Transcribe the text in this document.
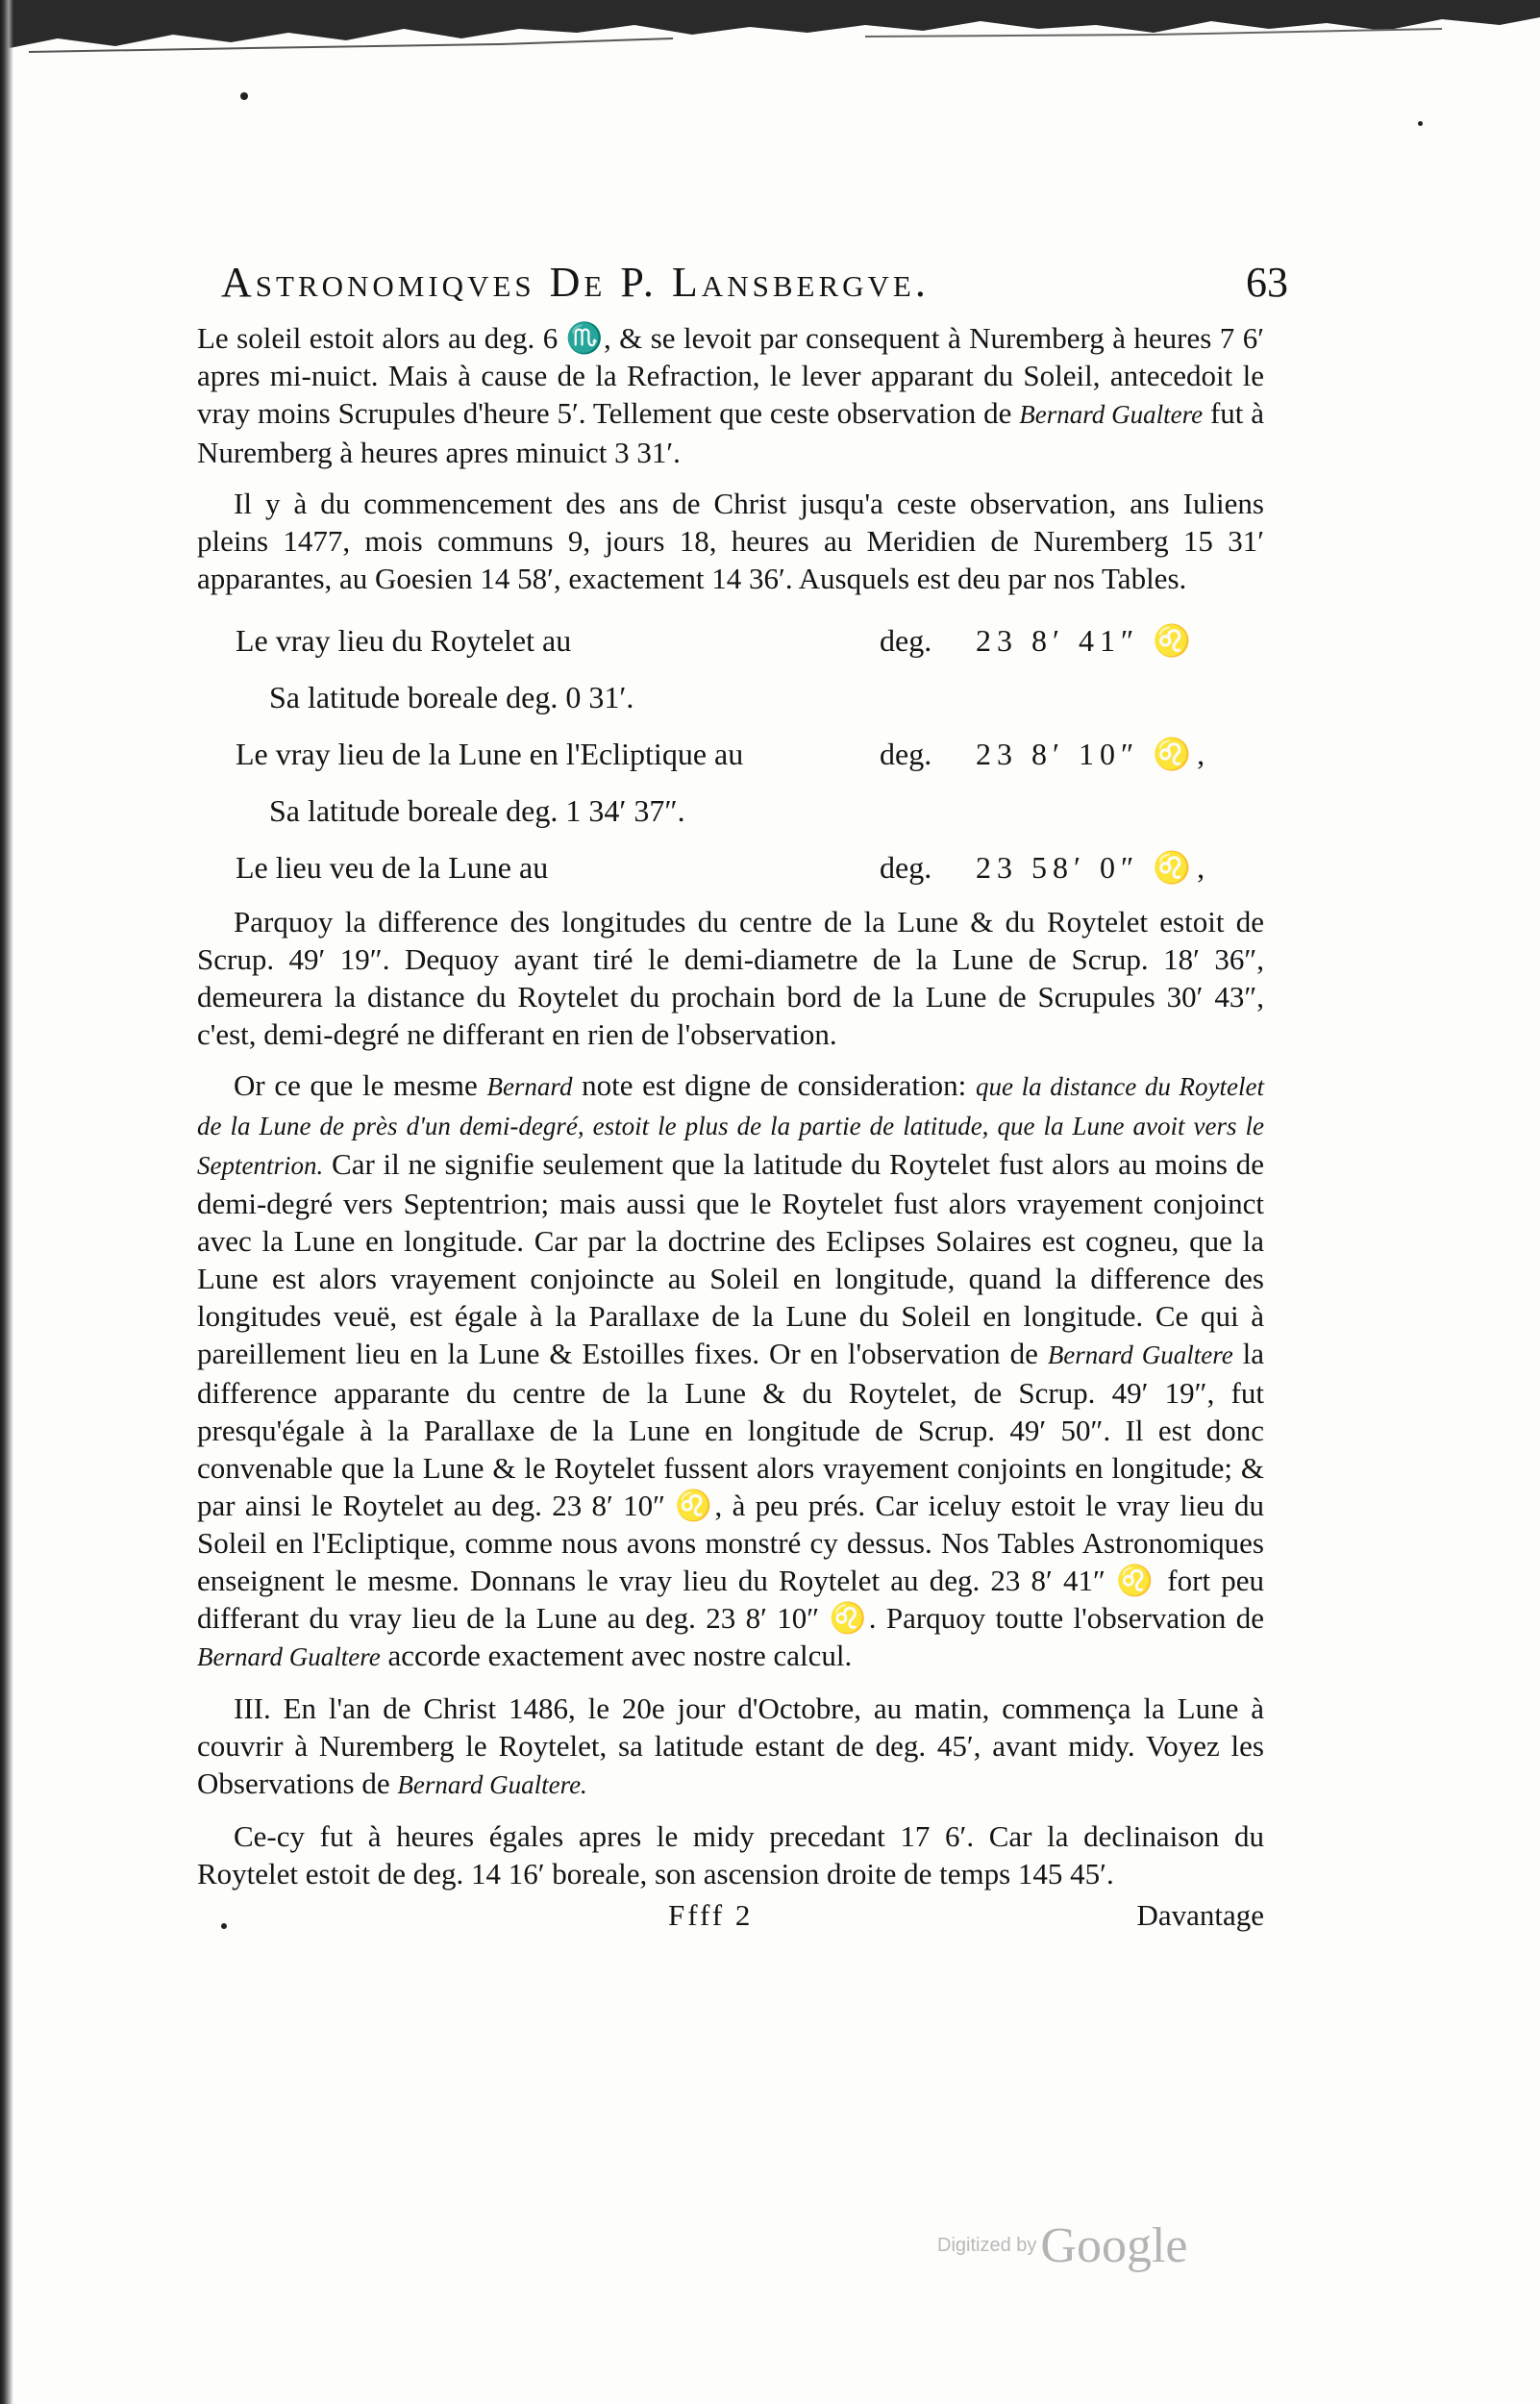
Astronomiqves De P. Lansbergve.	63

Le soleil estoit alors au deg. 6 ♏, & se levoit par consequent à Nuremberg à heures 7 6′ apres mi-nuict. Mais à cause de la Refraction, le lever apparant du Soleil, antecedoit le vray moins Scrupules d'heure 5′. Tellement que ceste observation de Bernard Gualtere fut à Nuremberg à heures apres minuict 3 31′.

Il y à du commencement des ans de Christ jusqu'a ceste observation, ans Iuliens pleins 1477, mois communs 9, jours 18, heures au Meridien de Nuremberg 15 31′ apparantes, au Goesien 14 58′, exactement 14 36′. Ausquels est deu par nos Tables.

Le vray lieu du Roytelet au	deg. 23 8′ 41″ ♌
Sa latitude boreale deg. 0 31′.
Le vray lieu de la Lune en l'Ecliptique au	deg. 23 8′ 10″ ♌,
Sa latitude boreale deg. 1 34′ 37″.
Le lieu veu de la Lune au	deg. 23 58′ 0″ ♌,

Parquoy la difference des longitudes du centre de la Lune & du Roytelet estoit de Scrup. 49′ 19″. Dequoy ayant tiré le demi-diametre de la Lune de Scrup. 18′ 36″, demeurera la distance du Roytelet du prochain bord de la Lune de Scrupules 30′ 43″, c'est, demi-degré ne differant en rien de l'observation.

Or ce que le mesme Bernard note est digne de consideration: que la distance du Roytelet de la Lune de près d'un demi-degré, estoit le plus de la partie de latitude, que la Lune avoit vers le Septentrion. Car il ne signifie seulement que la latitude du Roytelet fust alors au moins de demi-degré vers Septentrion; mais aussi que le Roytelet fust alors vrayement conjoinct avec la Lune en longitude. Car par la doctrine des Eclipses Solaires est cogneu, que la Lune est alors vrayement conjoincte au Soleil en longitude, quand la difference des longitudes veuë, est égale à la Parallaxe de la Lune du Soleil en longitude. Ce qui à pareillement lieu en la Lune & Estoilles fixes. Or en l'observation de Bernard Gualtere la difference apparante du centre de la Lune & du Roytelet, de Scrup. 49′ 19″, fut presqu'égale à la Parallaxe de la Lune en longitude de Scrup. 49′ 50″. Il est donc convenable que la Lune & le Roytelet fussent alors vrayement conjoints en longitude; & par ainsi le Roytelet au deg. 23 8′ 10″ ♌, à peu prés. Car iceluy estoit le vray lieu du Soleil en l'Ecliptique, comme nous avons monstré cy dessus. Nos Tables Astronomiques enseignent le mesme. Donnans le vray lieu du Roytelet au deg. 23 8′ 41″ ♌ fort peu differant du vray lieu de la Lune au deg. 23 8′ 10″ ♌. Parquoy toutte l'observation de Bernard Gualtere accorde exactement avec nostre calcul.

III. En l'an de Christ 1486, le 20e jour d'Octobre, au matin, commença la Lune à couvrir à Nuremberg le Roytelet, sa latitude estant de deg. 45′, avant midy. Voyez les Observations de Bernard Gualtere.

Ce-cy fut à heures égales apres le midy precedant 17 6′. Car la declinaison du Roytelet estoit de deg. 14 16′ boreale, son ascension droite de temps 145 45′.

Ffff 2	Davantage
Digitized by Google
